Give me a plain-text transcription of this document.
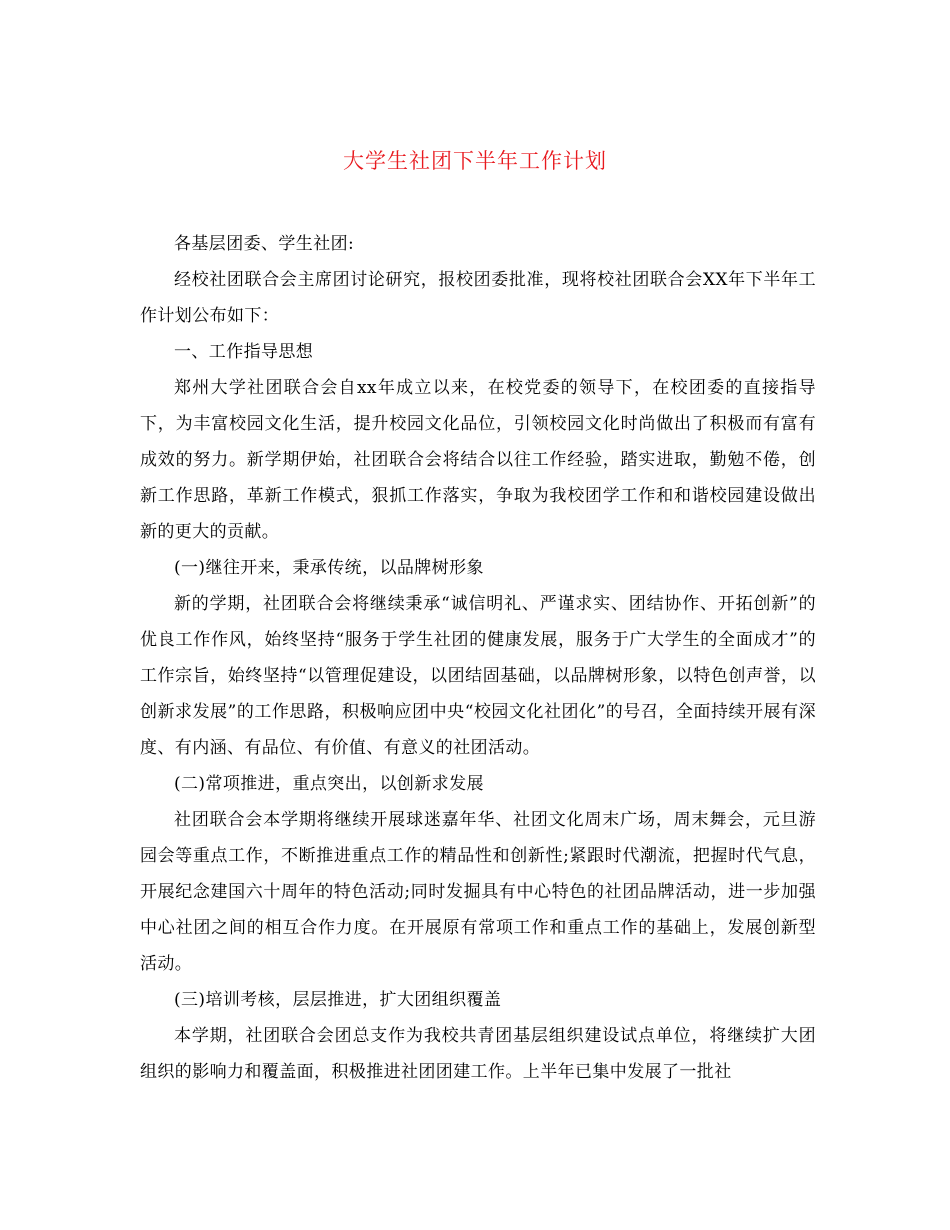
大学生社团下半年工作计划

各基层团委、学生社团:

经校社团联合会主席团讨论研究，报校团委批准，现将校社团联合会XX年下半年工作计划公布如下：

一、工作指导思想

郑州大学社团联合会自xx年成立以来，在校党委的领导下，在校团委的直接指导下，为丰富校园文化生活，提升校园文化品位，引领校园文化时尚做出了积极而有富有成效的努力。新学期伊始，社团联合会将结合以往工作经验，踏实进取，勤勉不倦，创新工作思路，革新工作模式，狠抓工作落实，争取为我校团学工作和和谐校园建设做出新的更大的贡献。

(一)继往开来，秉承传统，以品牌树形象

新的学期，社团联合会将继续秉承“诚信明礼、严谨求实、团结协作、开拓创新”的优良工作作风，始终坚持“服务于学生社团的健康发展，服务于广大学生的全面成才”的工作宗旨，始终坚持“以管理促建设，以团结固基础，以品牌树形象，以特色创声誉，以创新求发展”的工作思路，积极响应团中央“校园文化社团化”的号召，全面持续开展有深度、有内涵、有品位、有价值、有意义的社团活动。

(二)常项推进，重点突出，以创新求发展

社团联合会本学期将继续开展球迷嘉年华、社团文化周末广场，周末舞会，元旦游园会等重点工作，不断推进重点工作的精品性和创新性;紧跟时代潮流，把握时代气息，开展纪念建国六十周年的特色活动;同时发掘具有中心特色的社团品牌活动，进一步加强中心社团之间的相互合作力度。在开展原有常项工作和重点工作的基础上，发展创新型活动。

(三)培训考核，层层推进，扩大团组织覆盖

本学期，社团联合会团总支作为我校共青团基层组织建设试点单位，将继续扩大团组织的影响力和覆盖面，积极推进社团团建工作。上半年已集中发展了一批社
